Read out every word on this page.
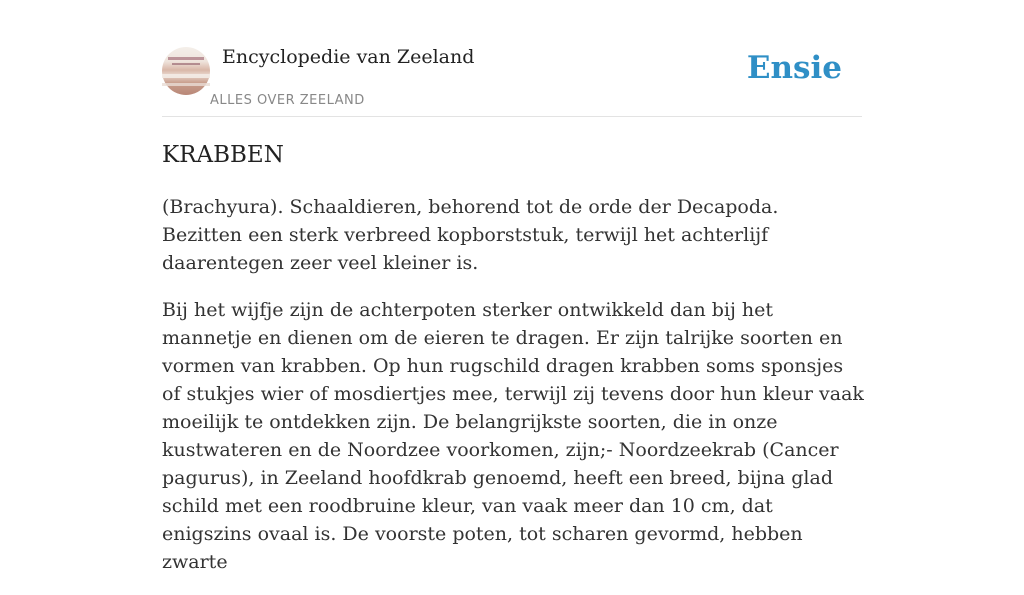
Encyclopedie van Zeeland
ALLES OVER ZEELAND
Ensie
KRABBEN

(Brachyura). Schaaldieren, behorend tot de orde der Decapoda. Bezitten een sterk verbreed kopborststuk, terwijl het achterlijf daarentegen zeer veel kleiner is.

Bij het wijfje zijn de achterpoten sterker ontwikkeld dan bij het mannetje en dienen om de eieren te dragen. Er zijn talrijke soorten en vormen van krabben. Op hun rugschild dragen krabben soms sponsjes of stukjes wier of mosdiertjes mee, terwijl zij tevens door hun kleur vaak moeilijk te ontdekken zijn. De belangrijkste soorten, die in onze kustwateren en de Noordzee voorkomen, zijn;- Noordzeekrab (Cancer pagurus), in Zeeland hoofdkrab genoemd, heeft een breed, bijna glad schild met een roodbruine kleur, van vaak meer dan 10 cm, dat enigszins ovaal is. De voorste poten, tot scharen gevormd, hebben zwarte
